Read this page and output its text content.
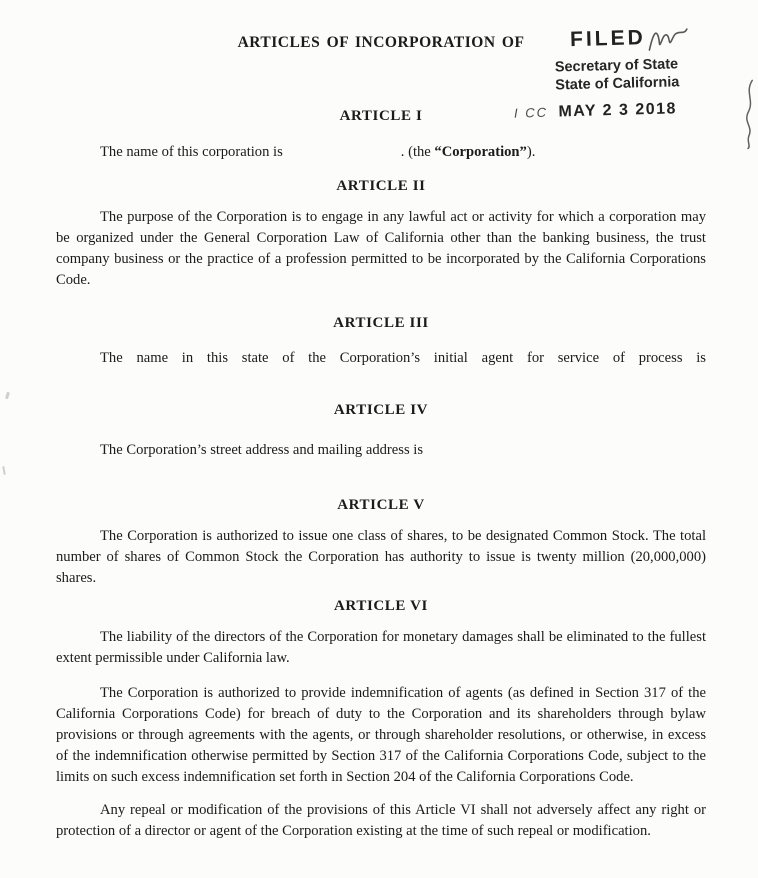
FILED
Secretary of State
State of California
I CC MAY 2 3 2018
ARTICLES OF INCORPORATION OF
ARTICLE I

The name of this corporation is	. (the “Corporation”).

ARTICLE II

The purpose of the Corporation is to engage in any lawful act or activity for which a corporation may be organized under the General Corporation Law of California other than the banking business, the trust company business or the practice of a profession permitted to be incorporated by the California Corporations Code.

ARTICLE III

The name in this state of the Corporation’s initial agent for service of process is

ARTICLE IV

The Corporation’s street address and mailing address is

ARTICLE V

The Corporation is authorized to issue one class of shares, to be designated Common Stock. The total number of shares of Common Stock the Corporation has authority to issue is twenty million (20,000,000) shares.

ARTICLE VI

The liability of the directors of the Corporation for monetary damages shall be eliminated to the fullest extent permissible under California law.

The Corporation is authorized to provide indemnification of agents (as defined in Section 317 of the California Corporations Code) for breach of duty to the Corporation and its shareholders through bylaw provisions or through agreements with the agents, or through shareholder resolutions, or otherwise, in excess of the indemnification otherwise permitted by Section 317 of the California Corporations Code, subject to the limits on such excess indemnification set forth in Section 204 of the California Corporations Code.

Any repeal or modification of the provisions of this Article VI shall not adversely affect any right or protection of a director or agent of the Corporation existing at the time of such repeal or modification.
